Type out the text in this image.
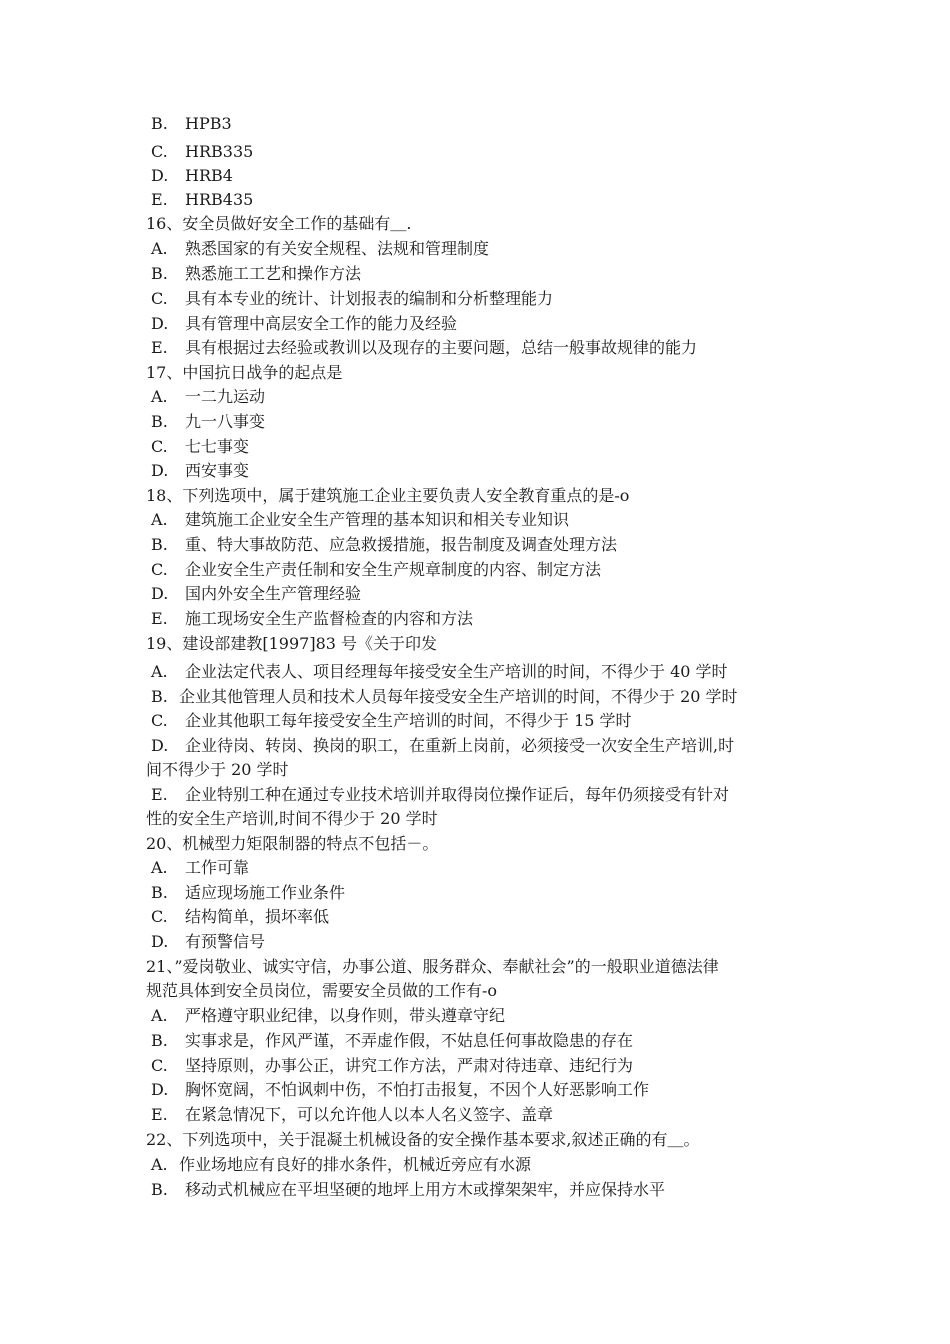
B. HPB3
C. HRB335
D. HRB4
E. HRB435
16、安全员做好安全工作的基础有＿.
A. 熟悉国家的有关安全规程、法规和管理制度
B. 熟悉施工工艺和操作方法
C. 具有本专业的统计、计划报表的编制和分析整理能力
D. 具有管理中高层安全工作的能力及经验
E. 具有根据过去经验或教训以及现存的主要问题，总结一般事故规律的能力
17、中国抗日战争的起点是
A. 一二九运动
B. 九一八事变
C. 七七事变
D. 西安事变
18、下列选项中，属于建筑施工企业主要负责人安全教育重点的是-o
A. 建筑施工企业安全生产管理的基本知识和相关专业知识
B. 重、特大事故防范、应急救援措施，报告制度及调查处理方法
C. 企业安全生产责任制和安全生产规章制度的内容、制定方法
D. 国内外安全生产管理经验
E. 施工现场安全生产监督检查的内容和方法
19、建设部建教[1997]83 号《关于印发
A. 企业法定代表人、项目经理每年接受安全生产培训的时间，不得少于 40 学时
B. 企业其他管理人员和技术人员每年接受安全生产培训的时间，不得少于 20 学时
C. 企业其他职工每年接受安全生产培训的时间，不得少于 15 学时
D. 企业待岗、转岗、换岗的职工，在重新上岗前，必须接受一次安全生产培训,时
间不得少于 20 学时
E. 企业特别工种在通过专业技术培训并取得岗位操作证后，每年仍须接受有针对
性的安全生产培训,时间不得少于 20 学时
20、机械型力矩限制器的特点不包括－。
A. 工作可靠
B. 适应现场施工作业条件
C. 结构简单，损坏率低
D. 有预警信号
21、”爱岗敬业、诚实守信，办事公道、服务群众、奉献社会”的一般职业道德法律
规范具体到安全员岗位，需要安全员做的工作有-o
A. 严格遵守职业纪律，以身作则，带头遵章守纪
B. 实事求是，作风严谨，不弄虚作假，不姑息任何事故隐患的存在
C. 坚持原则，办事公正，讲究工作方法，严肃对待违章、违纪行为
D. 胸怀宽阔，不怕讽刺中伤，不怕打击报复，不因个人好恶影响工作
E. 在紧急情况下，可以允许他人以本人名义签字、盖章
22、下列选项中，关于混凝土机械设备的安全操作基本要求,叙述正确的有＿。
A. 作业场地应有良好的排水条件，机械近旁应有水源
B. 移动式机械应在平坦坚硬的地坪上用方木或撑架架牢，并应保持水平
